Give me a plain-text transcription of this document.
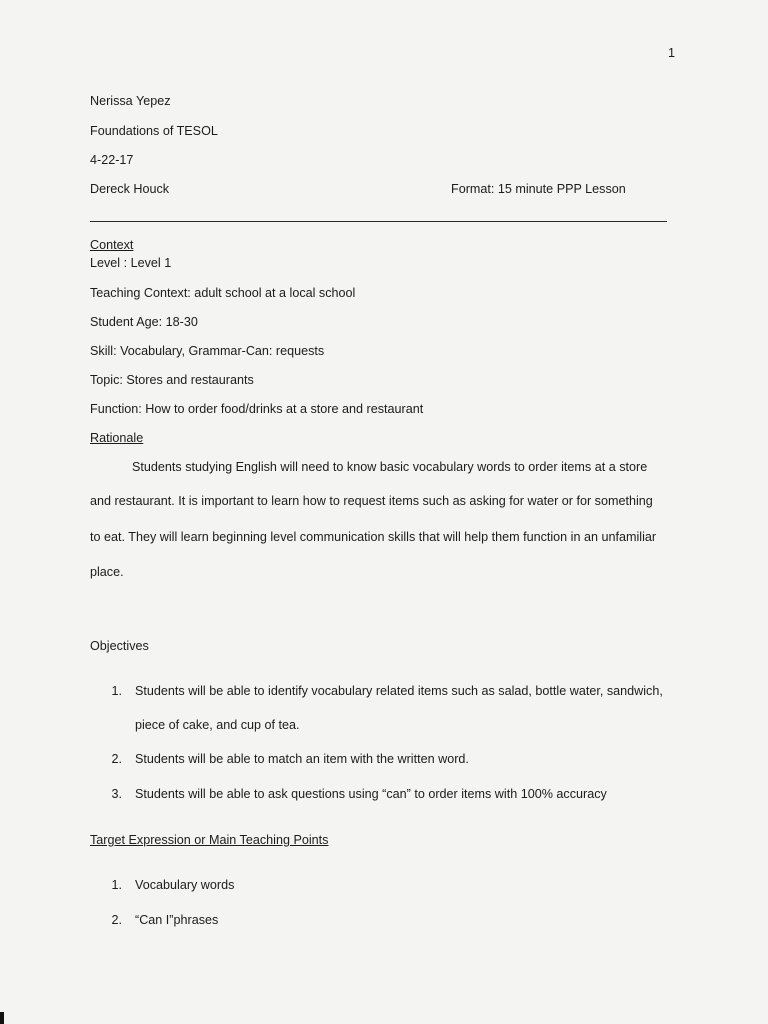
1
Nerissa Yepez
Foundations of TESOL
4-22-17
Dereck Houck	Format: 15 minute PPP Lesson
Context
Level : Level 1
Teaching Context: adult school at a local school
Student Age: 18-30
Skill: Vocabulary, Grammar-Can: requests
Topic: Stores and restaurants
Function: How to order food/drinks at a store and restaurant
Rationale
Students studying English will need to know basic vocabulary words to order items at a store
and restaurant. It is important to learn how to request items such as asking for water or for something
to eat. They will learn beginning level communication skills that will help them function in an unfamiliar
place.
Objectives
1. Students will be able to identify vocabulary related items such as salad, bottle water, sandwich,
piece of cake, and cup of tea.
2. Students will be able to match an item with the written word.
3. Students will be able to ask questions using “can” to order items with 100% accuracy
Target Expression or Main Teaching Points
1. Vocabulary words
2. “Can I”phrases
